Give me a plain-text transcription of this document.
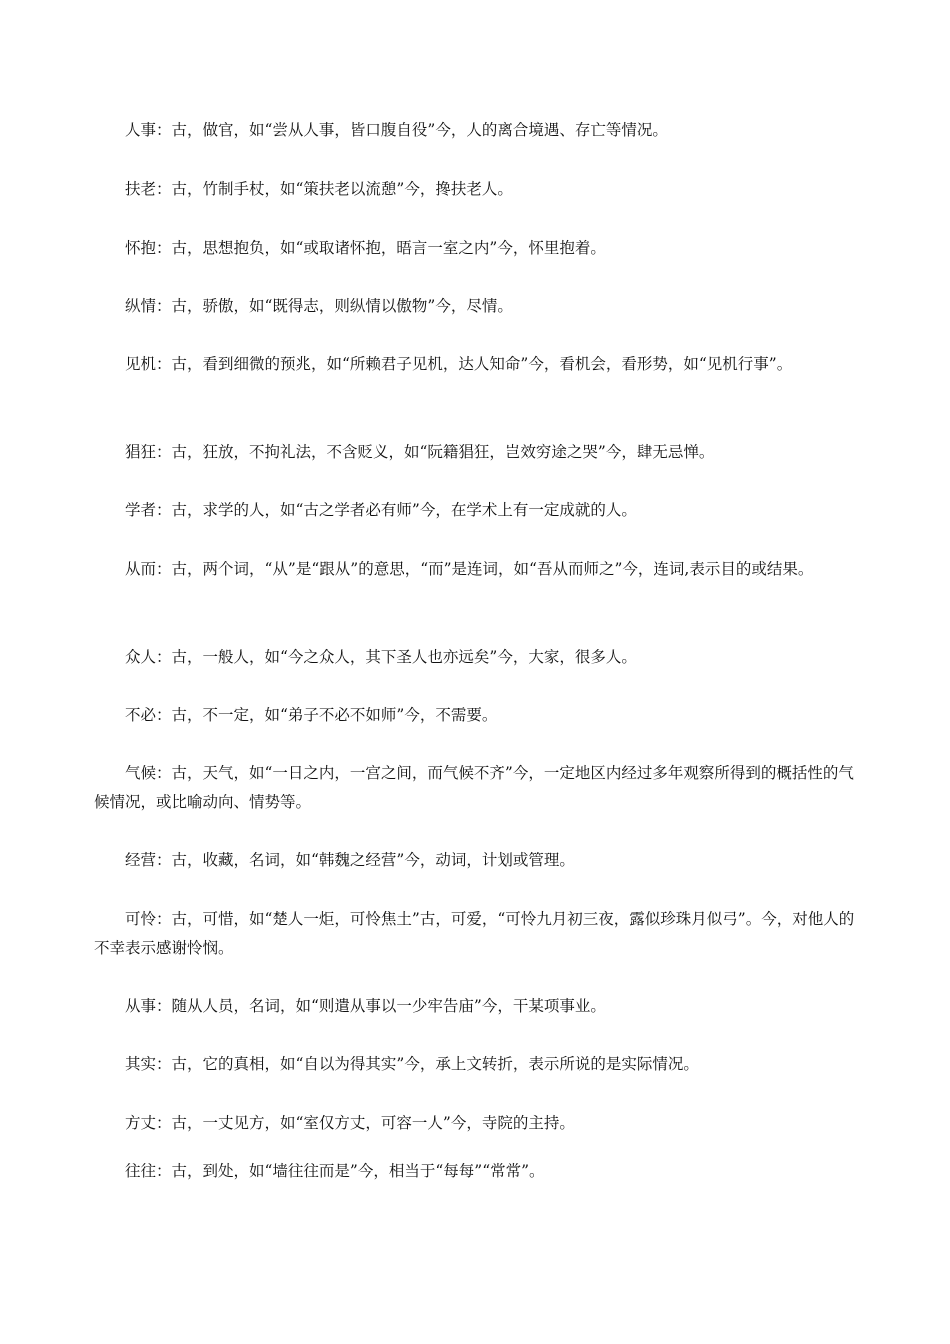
人事：古，做官，如“尝从人事，皆口腹自役”今，人的离合境遇、存亡等情况。

扶老：古，竹制手杖，如“策扶老以流憩”今，搀扶老人。

怀抱：古，思想抱负，如“或取诸怀抱，晤言一室之内”今，怀里抱着。

纵情：古，骄傲，如“既得志，则纵情以傲物”今，尽情。

见机：古，看到细微的预兆，如“所赖君子见机，达人知命”今，看机会，看形势，如“见机行事”。

猖狂：古，狂放，不拘礼法，不含贬义，如“阮籍猖狂，岂效穷途之哭”今，肆无忌惮。

学者：古，求学的人，如“古之学者必有师”今，在学术上有一定成就的人。

从而：古，两个词，“从”是“跟从”的意思，“而”是连词，如“吾从而师之”今，连词,表示目的或结果。

众人：古，一般人，如“今之众人，其下圣人也亦远矣”今，大家，很多人。

不必：古，不一定，如“弟子不必不如师”今，不需要。

气候：古，天气，如“一日之内，一宫之间，而气候不齐”今，一定地区内经过多年观察所得到的概括性的气候情况，或比喻动向、情势等。

经营：古，收藏，名词，如“韩魏之经营”今，动词，计划或管理。

可怜：古，可惜，如“楚人一炬，可怜焦土”古，可爱，“可怜九月初三夜，露似珍珠月似弓”。今，对他人的不幸表示感谢怜悯。

从事：随从人员，名词，如“则遣从事以一少牢告庙”今，干某项事业。

其实：古，它的真相，如“自以为得其实”今，承上文转折，表示所说的是实际情况。

方丈：古，一丈见方，如“室仅方丈，可容一人”今，寺院的主持。

往往：古，到处，如“墙往往而是”今，相当于“每每”“常常”。
